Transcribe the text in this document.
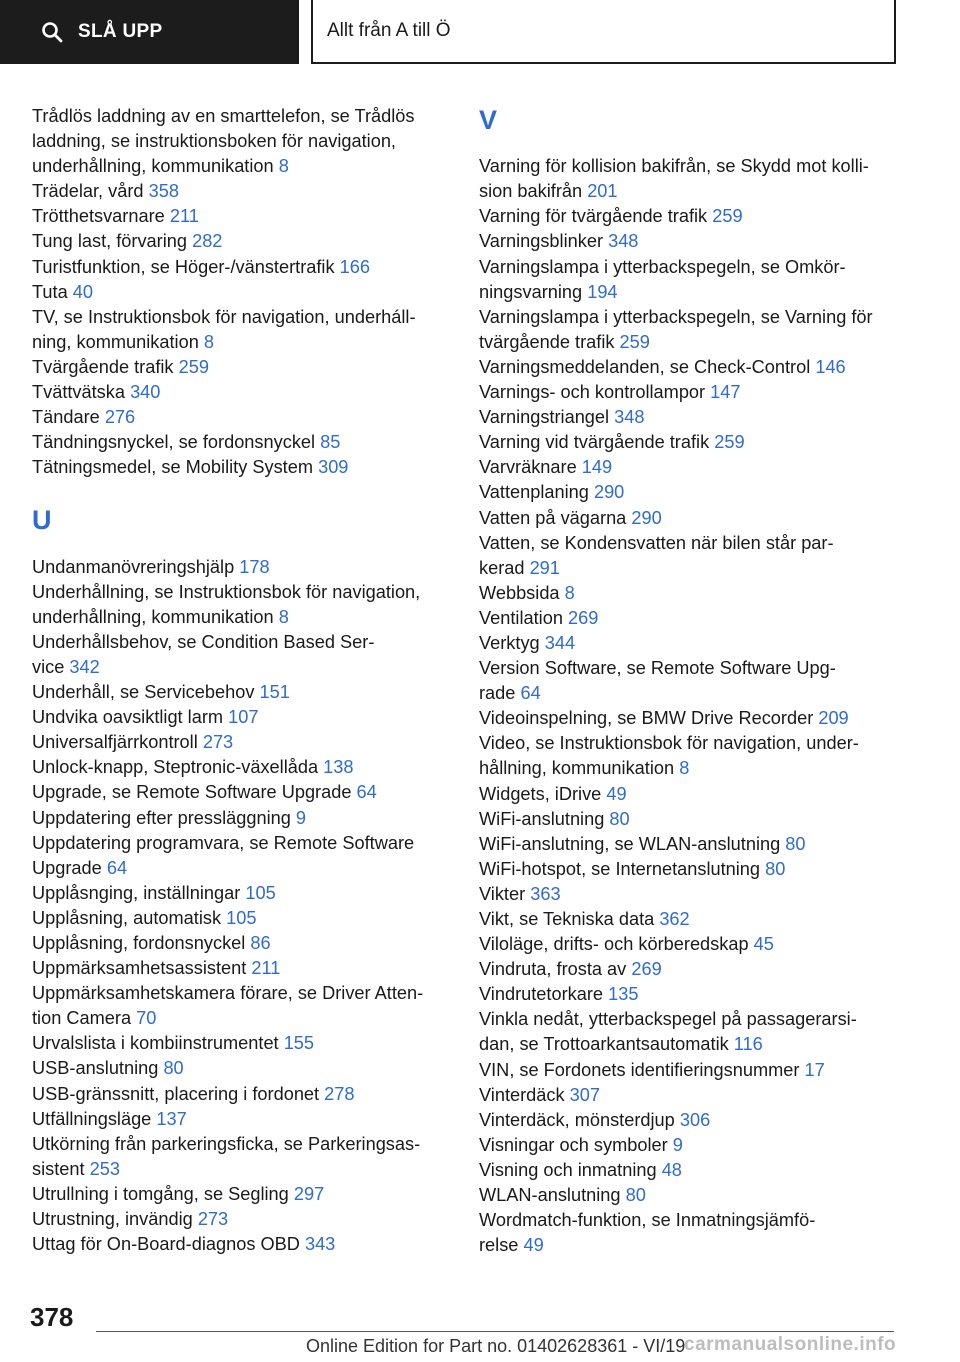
SLÅ UPP	Allt från A till Ö
Trådlös laddning av en smarttelefon, se Trådlös
laddning, se instruktionsboken för navigation,
underhållning, kommunikation 8
Trädelar, vård 358
Trötthetsvarnare 211
Tung last, förvaring 282
Turistfunktion, se Höger-/vänstertrafik 166
Tuta 40
TV, se Instruktionsbok för navigation, underháll-
ning, kommunikation 8
Tvärgående trafik 259
Tvättvätska 340
Tändare 276
Tändningsnyckel, se fordonsnyckel 85
Tätningsmedel, se Mobility System 309
U
Undanmanövreringshjälp 178
Underhållning, se Instruktionsbok för navigation,
underhållning, kommunikation 8
Underhållsbehov, se Condition Based Ser-
vice 342
Underhåll, se Servicebehov 151
Undvika oavsiktligt larm 107
Universalfjärrkontroll 273
Unlock-knapp, Steptronic-växellåda 138
Upgrade, se Remote Software Upgrade 64
Uppdatering efter pressläggning 9
Uppdatering programvara, se Remote Software
Upgrade 64
Upplåsnging, inställningar 105
Upplåsning, automatisk 105
Upplåsning, fordonsnyckel 86
Uppmärksamhetsassistent 211
Uppmärksamhetskamera förare, se Driver Atten-
tion Camera 70
Urvalslista i kombiinstrumentet 155
USB-anslutning 80
USB-gränssnitt, placering i fordonet 278
Utfällningsläge 137
Utkörning från parkeringsficka, se Parkeringsas-
sistent 253
Utrullning i tomgång, se Segling 297
Utrustning, invändig 273
Uttag för On-Board-diagnos OBD 343
V
Varning för kollision bakifrån, se Skydd mot kolli-
sion bakifrån 201
Varning för tvärgående trafik 259
Varningsblinker 348
Varningslampa i ytterbackspegeln, se Omkör-
ningsvarning 194
Varningslampa i ytterbackspegeln, se Varning för
tvärgående trafik 259
Varningsmeddelanden, se Check-Control 146
Varnings- och kontrollampor 147
Varningstriangel 348
Varning vid tvärgående trafik 259
Varvräknare 149
Vattenplaning 290
Vatten på vägarna 290
Vatten, se Kondensvatten när bilen står par-
kerad 291
Webbsida 8
Ventilation 269
Verktyg 344
Version Software, se Remote Software Upg-
rade 64
Videoinspelning, se BMW Drive Recorder 209
Video, se Instruktionsbok för navigation, under-
hållning, kommunikation 8
Widgets, iDrive 49
WiFi-anslutning 80
WiFi-anslutning, se WLAN-anslutning 80
WiFi-hotspot, se Internetanslutning 80
Vikter 363
Vikt, se Tekniska data 362
Viloläge, drifts- och körberedskap 45
Vindruta, frosta av 269
Vindrutetorkare 135
Vinkla nedåt, ytterbackspegel på passagerarsi-
dan, se Trottoarkantsautomatik 116
VIN, se Fordonets identifieringsnummer 17
Vinterdäck 307
Vinterdäck, mönsterdjup 306
Visningar och symboler 9
Visning och inmatning 48
WLAN-anslutning 80
Wordmatch-funktion, se Inmatningsjämfö-
relse 49
378
Online Edition for Part no. 01402628361 - VI/19
carmanualsonline.info
